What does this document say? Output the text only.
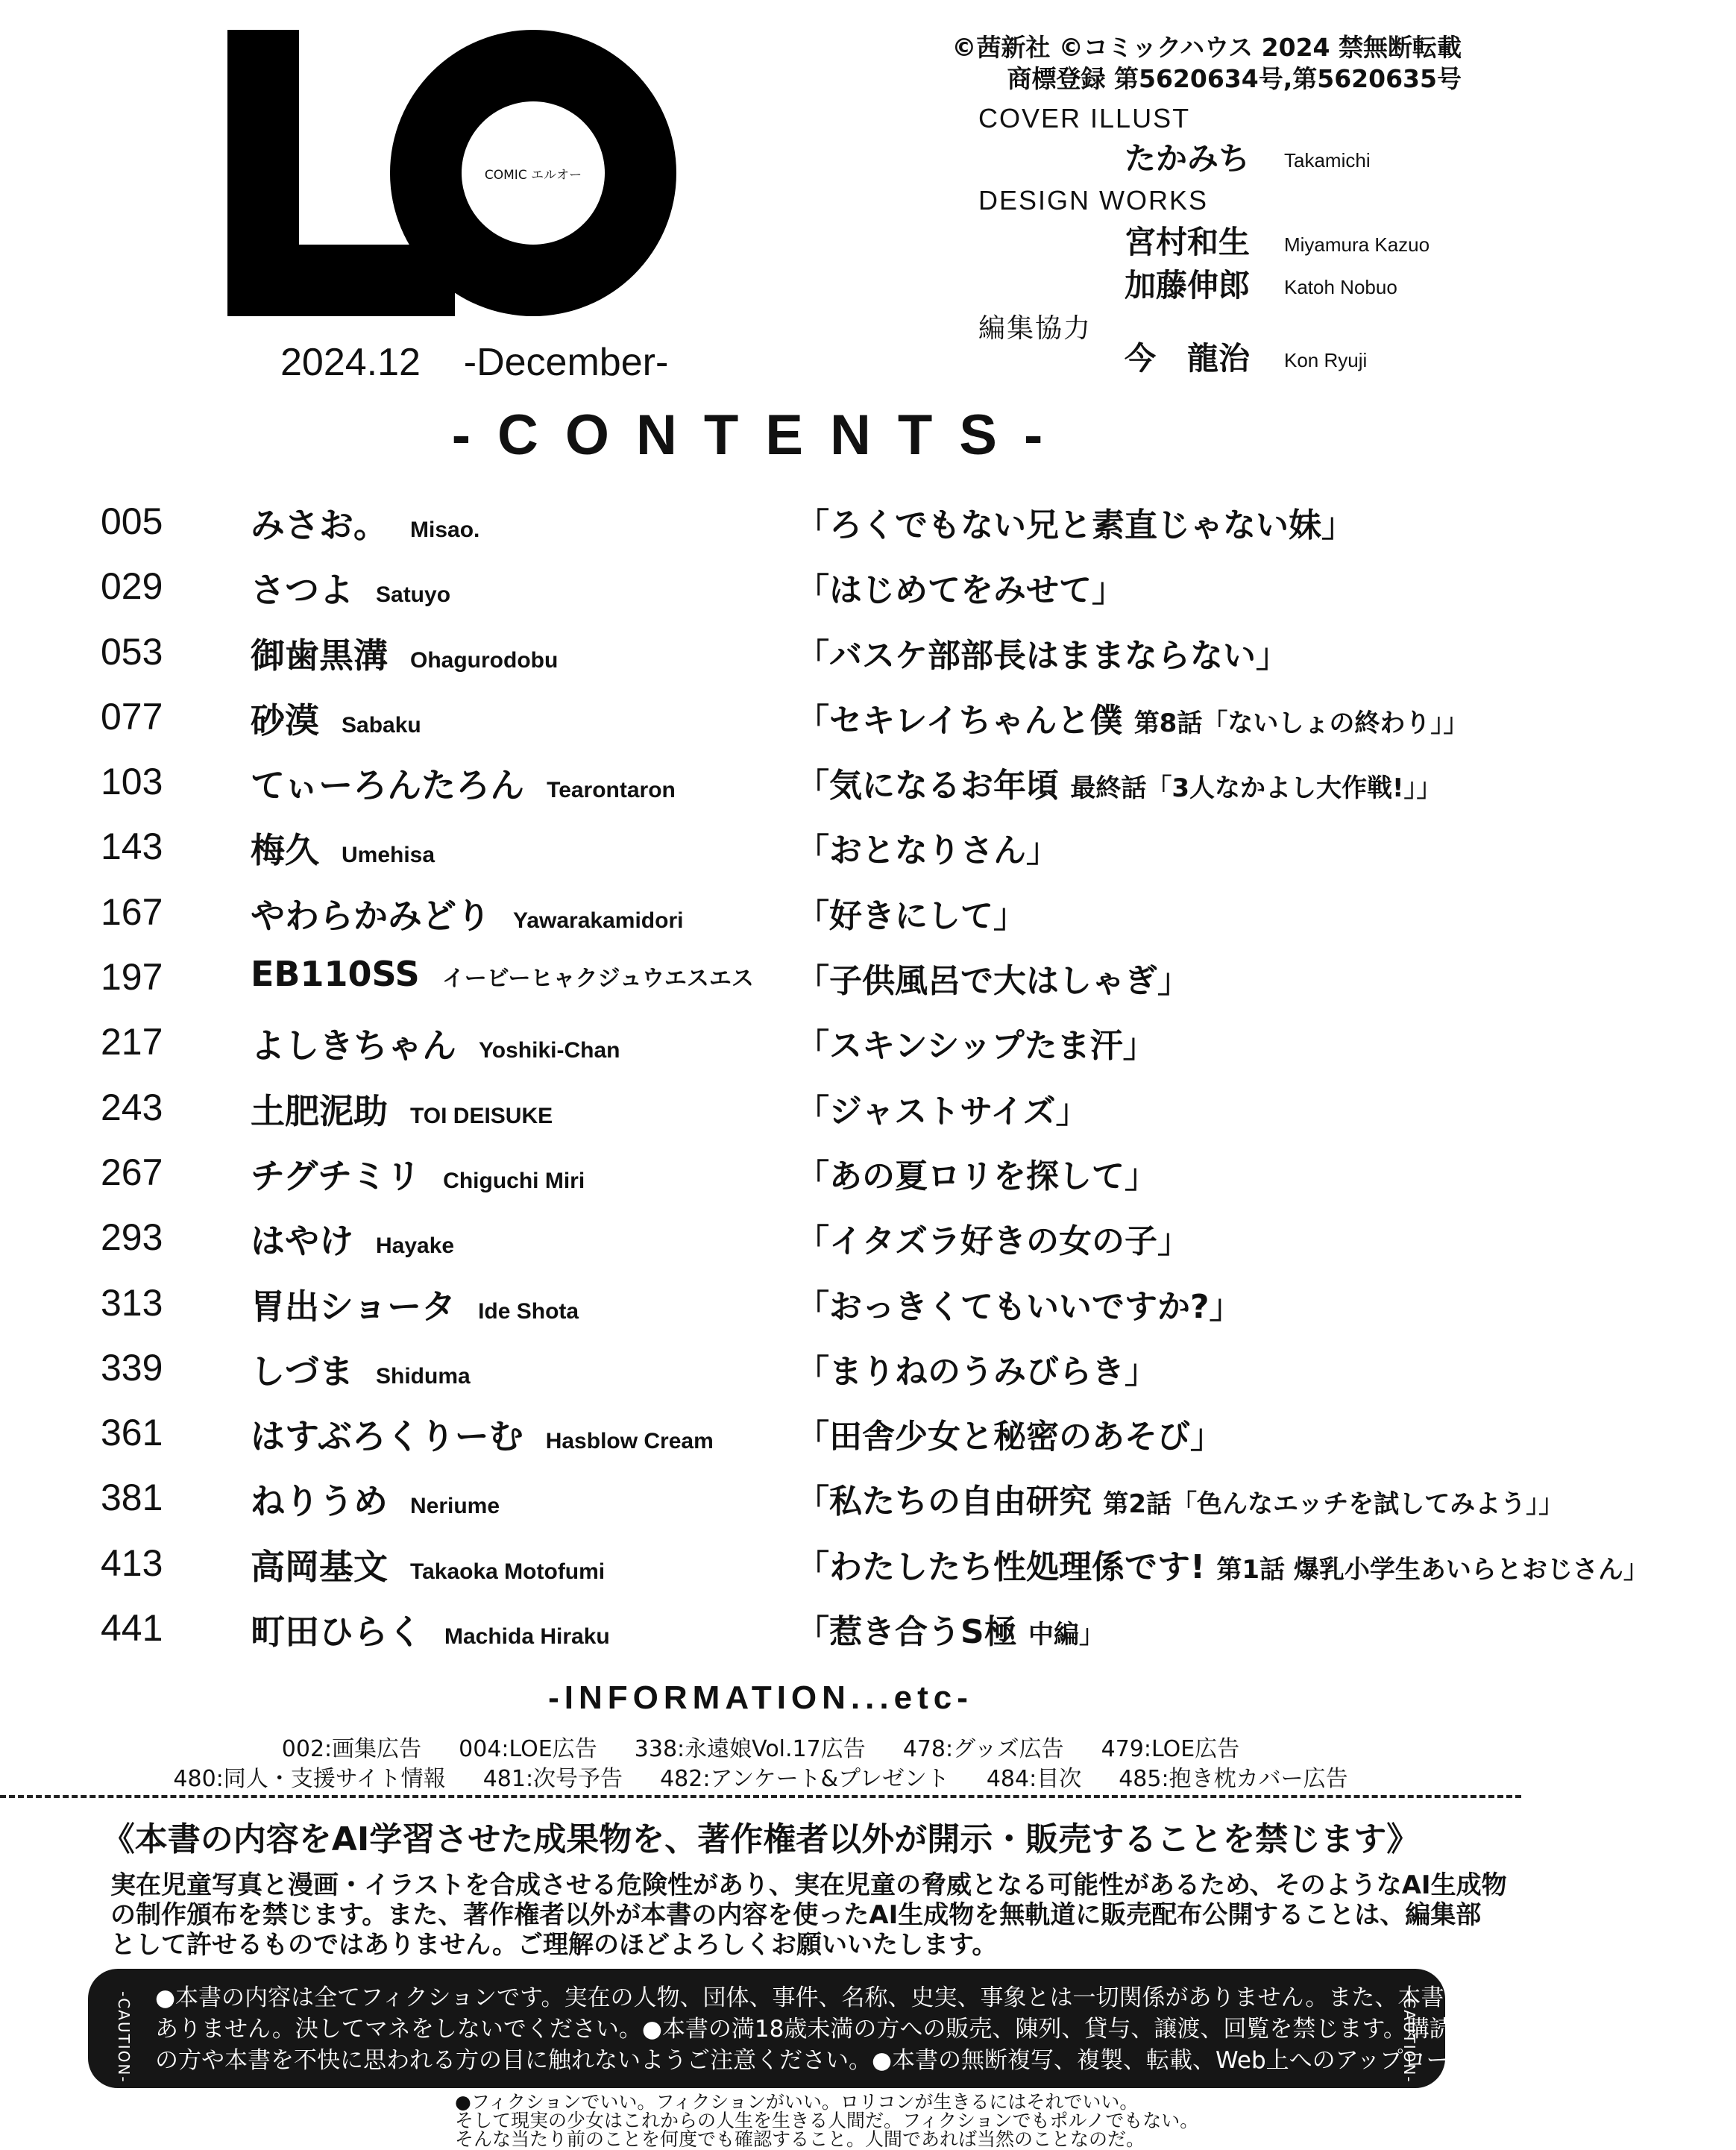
COMIC エルオー
2024.12    -December-
©茜新社 ©コミックハウス 2024 禁無断転載
商標登録 第5620634号,第5620635号
COVER ILLUST
たかみち Takamichi
DESIGN WORKS
宮村和生 Miyamura Kazuo
加藤伸郎 Katoh Nobuo
編集協力
今　龍治 Kon Ryuji
-CONTENTS-
005	みさお。 Misao.	「ろくでもない兄と素直じゃない妹」
029	さつよ Satuyo	「はじめてをみせて」
053	御歯黒溝 Ohagurodobu	「バスケ部部長はままならない」
077	砂漠 Sabaku	「セキレイちゃんと僕 第8話「ないしょの終わり」」
103	てぃーろんたろん Tearontaron	「気になるお年頃 最終話「3人なかよし大作戦!」」
143	梅久 Umehisa	「おとなりさん」
167	やわらかみどり Yawarakamidori	「好きにして」
197	EB110SS イービーヒャクジュウエスエス 「子供風呂で大はしゃぎ」
217	よしきちゃん Yoshiki-Chan	「スキンシップたま汗」
243	土肥泥助 TOI DEISUKE	「ジャストサイズ」
267	チグチミリ Chiguchi Miri	「あの夏ロリを探して」
293	はやけ Hayake	「イタズラ好きの女の子」
313	胃出ショータ Ide Shota	「おっきくてもいいですか?」
339	しづま Shiduma	「まりねのうみびらき」
361	はすぶろくりーむ Hasblow Cream	「田舎少女と秘密のあそび」
381	ねりうめ Neriume	「私たちの自由研究 第2話「色んなエッチを試してみよう」」
413	高岡基文 Takaoka Motofumi	「わたしたち性処理係です! 第1話 爆乳小学生あいらとおじさん」
441	町田ひらく Machida Hiraku	「惹き合うS極 中編」
-INFORMATION...etc-
002:画集広告 004:LOE広告 338:永遠娘Vol.17広告 478:グッズ広告 479:LOE広告
480:同人・支援サイト情報 481:次号予告 482:アンケート&プレゼント 484:目次 485:抱き枕カバー広告
《本書の内容をAI学習させた成果物を、著作権者以外が開示・販売することを禁じます》
実在児童写真と漫画・イラストを合成させる危険性があり、実在児童の脅威となる可能性があるため、そのようなAI生成物
の制作頒布を禁じます。また、著作権者以外が本書の内容を使ったAI生成物を無軌道に販売配布公開することは、編集部
として許せるものではありません。ご理解のほどよろしくお願いいたします。
-CAUTION- ●本書の内容は全てフィクションです。実在の人物、団体、事件、名称、史実、事象とは一切関係がありません。また、本書は犯罪を教唆するものでは
ありません。決してマネをしないでください。●本書の満18歳未満の方への販売、陳列、貸与、譲渡、回覧を禁じます。購読、保管される際は18歳未満
の方や本書を不快に思われる方の目に触れないようご注意ください。●本書の無断複写、複製、転載、Web上へのアップロードを禁じます。
-CAUTION-
●フィクションでいい。フィクションがいい。ロリコンが生きるにはそれでいい。
そして現実の少女はこれからの人生を生きる人間だ。フィクションでもポルノでもない。
そんな当たり前のことを何度でも確認すること。人間であれば当然のことなのだ。
